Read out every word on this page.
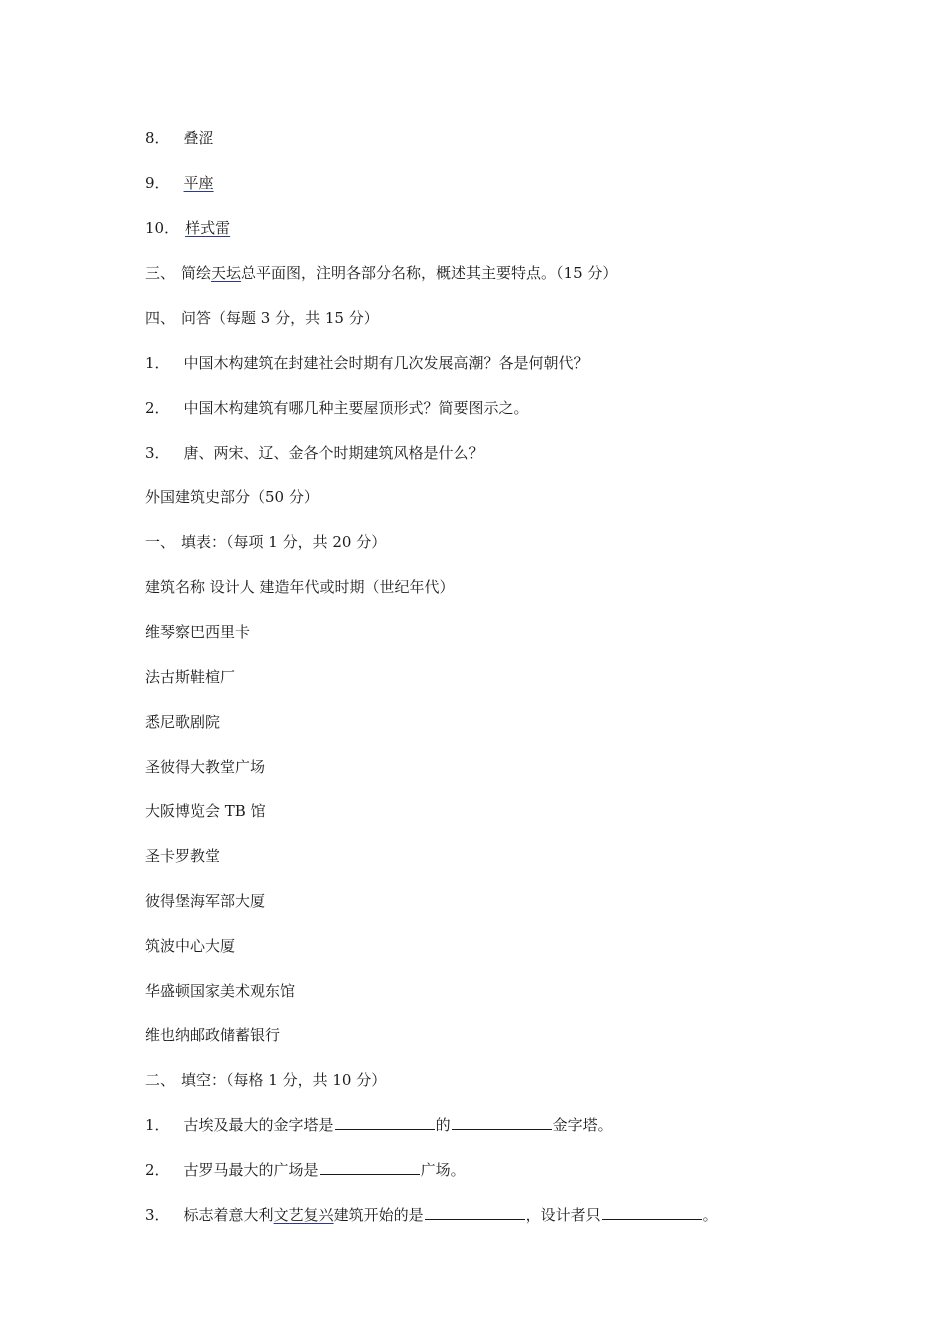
8． 叠涩
9． 平座
10． 样式雷
三、 简绘天坛总平面图，注明各部分名称，概述其主要特点。（15 分）
四、 问答（每题 3 分，共 15 分）
1． 中国木构建筑在封建社会时期有几次发展高潮？各是何朝代？
2． 中国木构建筑有哪几种主要屋顶形式？简要图示之。
3． 唐、两宋、辽、金各个时期建筑风格是什么？
外国建筑史部分（50 分）
一、 填表：（每项 1 分，共 20 分）
建筑名称 设计人 建造年代或时期（世纪年代）
维琴察巴西里卡
法古斯鞋楦厂
悉尼歌剧院
圣彼得大教堂广场
大阪博览会 TB 馆
圣卡罗教堂
彼得堡海军部大厦
筑波中心大厦
华盛顿国家美术观东馆
维也纳邮政储蓄银行
二、 填空：（每格 1 分，共 10 分）
1． 古埃及最大的金字塔是	的	金字塔。
2． 古罗马最大的广场是	广场。
3． 标志着意大利文艺复兴建筑开始的是	，设计者只	。
